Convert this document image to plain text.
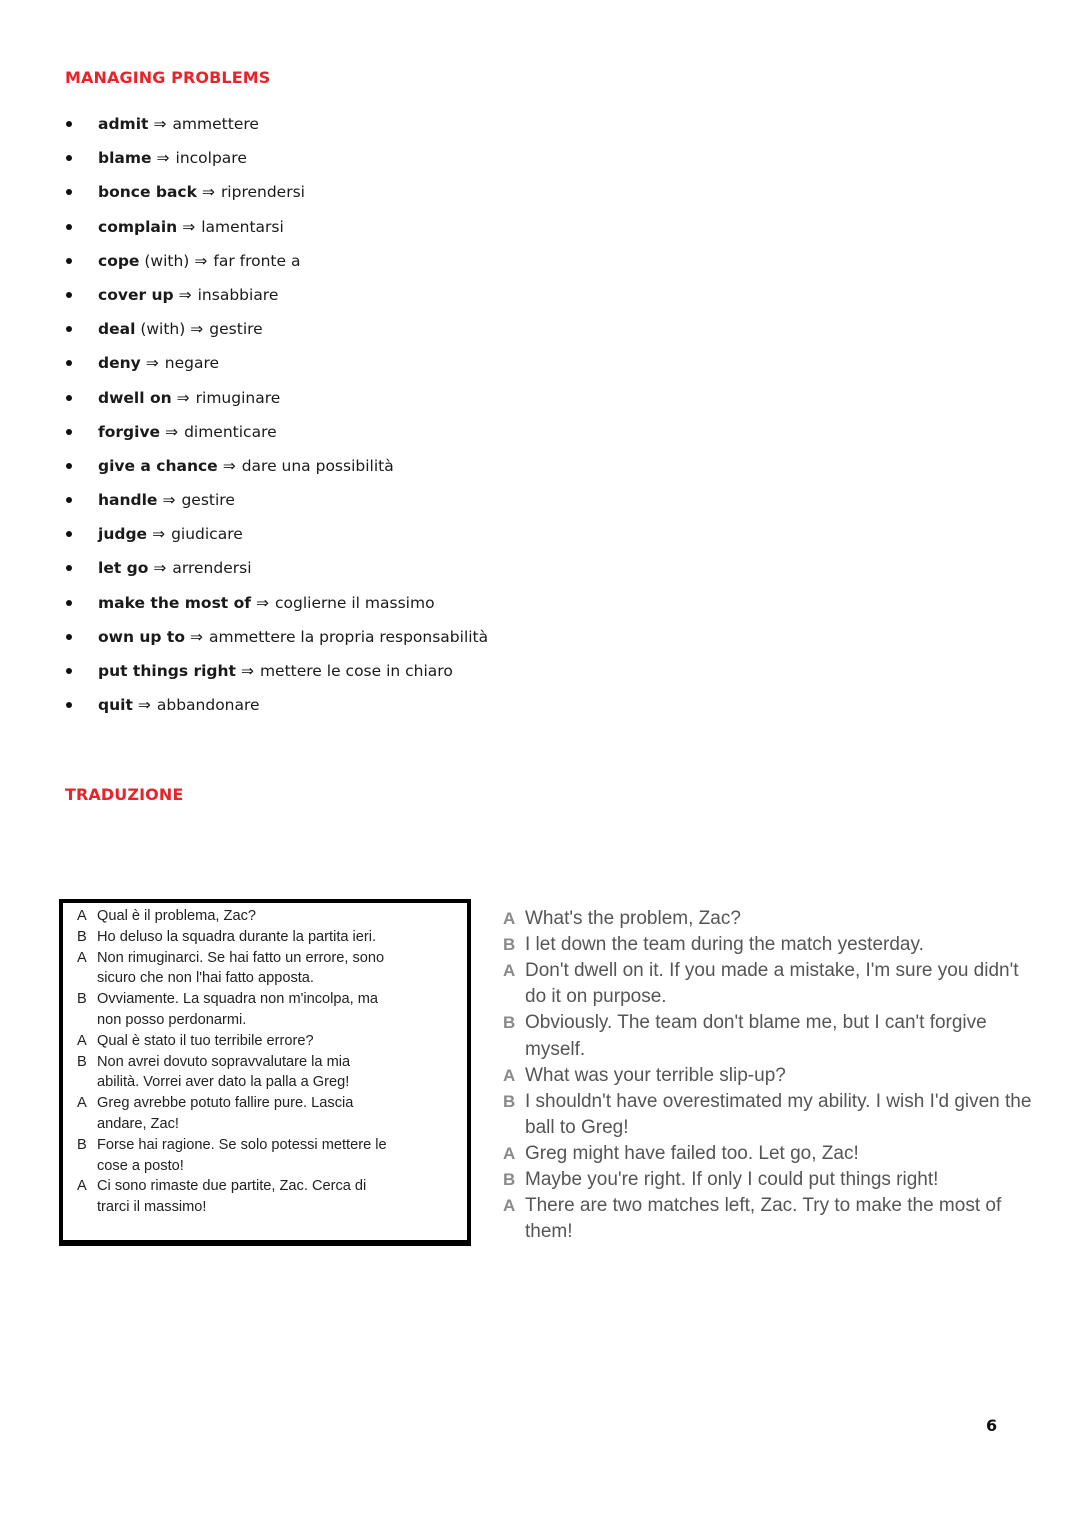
MANAGING PROBLEMS
admit ⇒ ammettere
blame ⇒ incolpare
bonce back ⇒ riprendersi
complain ⇒ lamentarsi
cope (with) ⇒ far fronte a
cover up ⇒ insabbiare
deal (with) ⇒ gestire
deny ⇒ negare
dwell on ⇒ rimuginare
forgive ⇒ dimenticare
give a chance ⇒ dare una possibilità
handle ⇒ gestire
judge ⇒ giudicare
let go ⇒ arrendersi
make the most of ⇒ coglierne il massimo
own up to ⇒ ammettere la propria responsabilità
put things right ⇒ mettere le cose in chiaro
quit ⇒ abbandonare
TRADUZIONE
A Qual è il problema, Zac?
B Ho deluso la squadra durante la partita ieri.
A Non rimuginarci. Se hai fatto un errore, sono
sicuro che non l'hai fatto apposta.
B Ovviamente. La squadra non m'incolpa, ma
non posso perdonarmi.
A Qual è stato il tuo terribile errore?
B Non avrei dovuto sopravvalutare la mia
abilità. Vorrei aver dato la palla a Greg!
A Greg avrebbe potuto fallire pure. Lascia
andare, Zac!
B Forse hai ragione. Se solo potessi mettere le
cose a posto!
A Ci sono rimaste due partite, Zac. Cerca di
trarci il massimo!
A What's the problem, Zac?
B I let down the team during the match yesterday.
A Don't dwell on it. If you made a mistake, I'm sure you didn't
do it on purpose.
B Obviously. The team don't blame me, but I can't forgive
myself.
A What was your terrible slip-up?
B I shouldn't have overestimated my ability. I wish I'd given the
ball to Greg!
A Greg might have failed too. Let go, Zac!
B Maybe you're right. If only I could put things right!
A There are two matches left, Zac. Try to make the most of
them!
6
